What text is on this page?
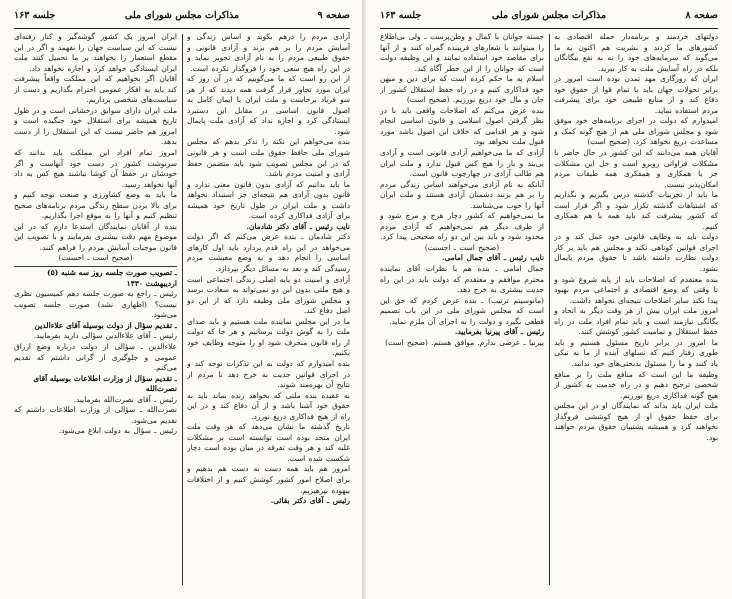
صفحه ۹
مذاکرات مجلس شورای ملی
جلسه ۱۶۳

آزادی مردم را درهم بکوبد و اساس زندگی و آسایش مردم را بر هم بزند و آزادی قانونی و حقوق طبیعی مردم را به نام آزادی تجویز نماید و در این راه هیچ سعی خود را فروگذار نکرده است.

از این رو است که ما می‌گوییم که در آن روز که ایران مورد تجاوز قرار گرفت همه دیدند که از هر سو فریاد برخاست و ملت ایران با ایمان کامل به اصول قانون اساسی در مقابل این دستبرد ایستادگی کرد و اجازه نداد که آزادی ملت پایمال شود.

بنده می‌خواهم این نکته را تذکر بدهم که مجلس شورای ملی حافظ حقوق ملت است و هر قانونی که در این مجلس تصویب شود باید متضمن حفظ آزادی و امنیت مردم باشد.

ما باید بدانیم که آزادی بدون قانون معنی ندارد و قانون بدون آزادی هم نتیجه‌ای جز استبداد نخواهد داشت و ملت ایران در طول تاریخ خود همیشه برای آزادی فداکاری کرده است.

نایب رئیس ـ آقای دکتر شادمان.

دکتر شادمان ـ بنده عرض می‌کنم که اگر دولت می‌خواهد در این راه قدم بردارد باید اول کارهای اساسی را انجام دهد و به وضع معیشت مردم رسیدگی کند و بعد به مسائل دیگر بپردازد.

آزادی و امنیت دو پایه اصلی زندگی اجتماعی است و هیچ ملتی بدون این دو نمی‌تواند به سعادت برسد و مجلس شورای ملی وظیفه دارد که از این دو اصل دفاع کند.

ما در این مجلس نماینده ملت هستیم و باید صدای ملت را به گوش دولت برسانیم و هر جا که دولت از راه قانون منحرف شود او را متوجه وظایف خود بکنیم.

بنده امیدوارم که دولت به این تذکرات توجه کند و در اجرای قوانین جدیت به خرج دهد تا مردم از نتایج آن بهره‌مند شوند.

به عقیده بنده ملتی که بخواهد زنده بماند باید به حقوق خود آشنا باشد و از آن دفاع کند و در این راه از هیچ فداکاری دریغ نورزد.

تاریخ گذشته ما نشان می‌دهد که هر وقت ملت ایران متحد بوده است توانسته است بر مشکلات غلبه کند و هر وقت تفرقه در میان بوده است دچار شکست شده است.

امروز هم باید همه دست به دست هم بدهیم و برای اصلاح امور کشور کوشش کنیم و از اختلافات بیهوده بپرهیزیم.

رئیس ـ آقای دکتر بقائی.

ایران امروز یک کشور گوشه‌گیر و کنار رفته‌ای نیست که این سیاست جهان را نفهمد و اگر در این مقطع استعمار را بخواهند بر ما تحمیل کنند ملت ایران ایستادگی خواهد کرد و اجازه نخواهد داد.

آقایان اگر بخواهیم که این مملکت واقعاً پیشرفت کند باید به افکار عمومی احترام بگذاریم و دست از سیاست‌های شخصی برداریم.

ملت ایران دارای سوابق درخشانی است و در طول تاریخ همیشه برای استقلال خود جنگیده است و امروز هم حاضر نیست که این استقلال را از دست بدهد.

امروز تمام افراد این مملکت باید بدانند که سرنوشت کشور در دست خود آنهاست و اگر خودشان در حفظ آن کوشا نباشند هیچ کس به داد آنها نخواهد رسید.

ما باید به وضع کشاورزی و صنعت توجه کنیم و برای بالا بردن سطح زندگی مردم برنامه‌های صحیح تنظیم کنیم و آنها را به موقع اجرا بگذاریم.

بنده از آقایان نمایندگان استدعا دارم که در این موضوع مهم دقت بیشتری بفرمایند و با تصویب این قانون موجبات آسایش مردم را فراهم کنند.

(صحیح است ـ احسنت)

ـ تصویب صورت جلسه روز سه شنبه (۵) اردیبهشت ۱۳۳۰

رئیس ـ راجع به صورت جلسه دهم کمیسیون نظری نیست؟ (اظهاری نشد) صورت جلسه تصویب می‌شود.

ـ تقدیم سؤال از دولت بوسیله آقای علاءالدین

رئیس ـ آقای علاءالدین سؤالی دارید بفرمایید.

علاءالدین ـ سؤالی از دولت درباره وضع ارزاق عمومی و جلوگیری از گرانی داشتم که تقدیم می‌کنم.

ـ تقدیم سؤال از وزارت اطلاعات بوسیله آقای نصرت‌الله

رئیس ـ آقای نصرت‌الله بفرمایید.

نصرت‌الله ـ سؤالی از وزارت اطلاعات داشتم که تقدیم می‌شود.

رئیس ـ سؤال به دولت ابلاغ می‌شود.

صفحه ۸
مذاکرات مجلس شورای ملی
جلسه ۱۶۳

دولتهای خردمند و برنامه‌دار حمله اقتصادی به کشورهای ما کردند و بشریت هم اکنون به ما می‌گوید که سرمایه‌های خود را نه به نفع بیگانگان بلکه در راه آسایش ملت به کار ببرید.

ایران که روزگاری مهد تمدن بوده است امروز در برابر تحولات جهان باید با تمام قوا از حقوق خود دفاع کند و از منابع طبیعی خود برای پیشرفت مردم استفاده نماید.

امیدوارم که دولت در اجرای برنامه‌های خود موفق شود و مجلس شورای ملی هم از هیچ گونه کمک و مساعدت دریغ نخواهد کرد. (صحیح است)

آقایان همه می‌دانند که این کشور در حال حاضر با مشکلات فراوانی روبرو است و حل این مشکلات جز با همکاری و همفکری همه طبقات مردم امکان‌پذیر نیست.

ما باید از تجربیات گذشته درس بگیریم و نگذاریم که اشتباهات گذشته تکرار شود و اگر قرار است که کشور پیشرفت کند باید همه با هم همکاری کنیم.

دولت باید به وظایف قانونی خود عمل کند و در اجرای قوانین کوتاهی نکند و مجلس هم باید بر کار دولت نظارت داشته باشد تا حقوق مردم پایمال نشود.

بنده معتقدم که اصلاحات باید از پایه شروع شود و تا وقتی که وضع اقتصادی و اجتماعی مردم بهبود پیدا نکند سایر اصلاحات نتیجه‌ای نخواهد داشت.

امروز ملت ایران بیش از هر وقت دیگر به اتحاد و یگانگی نیازمند است و باید تمام افراد ملت در راه حفظ استقلال و تمامیت کشور کوشش کنند.

ما امروز در برابر تاریخ مسئول هستیم و باید طوری رفتار کنیم که نسلهای آینده از ما به نیکی یاد کنند و ما را مسئول بدبختی‌های خود ندانند.

وظیفه ما این است که منافع ملت را بر منافع شخصی ترجیح دهیم و در راه خدمت به کشور از هیچ گونه فداکاری دریغ نورزیم.

ملت ایران باید بداند که نمایندگان او در این مجلس برای حفظ حقوق او از هیچ کوششی فروگذار نخواهند کرد و همیشه پشتیبان حقوق مردم خواهند بود.

جسته جوانان با کمال و وطن‌پرست ـ ولی بی‌اطلاع را میتوانند با شعارهای فریبنده گمراه کنند و از آنها برای مقاصد خود استفاده نمایند و این وظیفه دولت است که جوانان را از این خطر آگاه کند.

اسلام به ما حکم کرده است که برای دین و میهن خود فداکاری کنیم و در راه حفظ استقلال کشور از جان و مال خود دریغ نورزیم. (صحیح است)

بنده عرض می‌کنم که اصلاحات واقعی باید با در نظر گرفتن اصول اسلامی و قانون اساسی انجام شود و هر اقدامی که خلاف این اصول باشد مورد قبول ملت نخواهد بود.

آزادی که ما می‌خواهیم آزادی قانونی است و آزادی بی‌بند و بار را هیچ کس قبول ندارد و ملت ایران هم طالب آزادی در چهارچوب قانون است.

آنانکه به نام آزادی می‌خواهند اساس زندگی مردم را بر هم بزنند دشمنان آزادی هستند و ملت ایران آنها را خوب می‌شناسد.

ما نمی‌خواهیم که کشور دچار هرج و مرج شود و از طرف دیگر هم نمی‌خواهیم که آزادی مردم محدود شود و باید بین این دو راه صحیحی پیدا کرد.

(صحیح است ـ احسنت)

نایب رئیس ـ آقای جمال امامی.

جمال امامی ـ بنده هم با نظرات آقای نماینده محترم موافقم و معتقدم که دولت باید در این راه جدیت بیشتری به خرج دهد.

(مانوسیتم ترتیب) ـ بنده عرض کردم که حق این است که مجلس شورای ملی در این باب تصمیم قطعی بگیرد و دولت را به اجرای آن ملزم نماید.

رئیس ـ آقای پیرنیا بفرمایید.

پیرنیا ـ عرضی ندارم. موافق هستم. (صحیح است)
